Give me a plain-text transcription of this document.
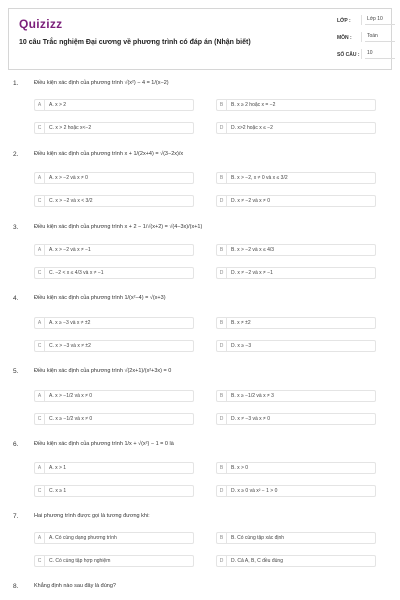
Quizizz
10 câu Trắc nghiệm Đại cương về phương trình có đáp án (Nhận biết)
LỚP :	Lớp 10
MÔN :	Toán
SỐ CÂU :	10
1.	Điều kiện xác định của phương trình √(x²) − 4 = 1/(x−2)
A	A. x > 2	B	B. x ≥ 2 hoặc x = −2
C	C. x > 2 hoặc x<−2	D	D. x>2 hoặc x ≤ −2
2.	Điều kiện xác định của phương trình x + 1/(2x+4) = √(3−2x)/x
A	A. x > −2 và x ≠ 0	B	B. x > −2, x ≠ 0 và x ≤ 3/2
C	C. x > −2 và x < 3/2	D	D. x ≠ −2 và x ≠ 0
3.	Điều kiện xác định của phương trình x + 2 − 1/√(x+2) = √(4−3x)/(x+1)
A	A. x > −2 và x ≠ −1	B	B. x > −2 và x ≤ 4/3
C	C. −2 < x ≤ 4/3 và x ≠ −1	D	D. x ≠ −2 và x ≠ −1
4.	Điều kiện xác định của phương trình 1/(x²−4) = √(x+3)
A	A. x ≥ −3 và x ≠ ±2	B	B. x ≠ ±2
C	C. x > −3 và x ≠ ±2	D	D. x ≥ −3
5.	Điều kiện xác định của phương trình √(2x+1)/(x²+3x) = 0
A	A. x > −1/2 và x ≠ 0	B	B. x ≥ −1/2 và x ≠ 3
C	C. x ≥ −1/2 và x ≠ 0	D	D. x ≠ −3 và x ≠ 0
6.	Điều kiện xác định của phương trình 1/x + √(x²) − 1 = 0 là
A	A. x > 1	B	B. x > 0
C	C. x ≥ 1	D	D. x ≥ 0 và x² − 1 > 0
7.	Hai phương trình được gọi là tương đương khi:
A	A. Có cùng dạng phương trình	B	B. Có cùng tập xác định
C	C. Có cùng tập hợp nghiệm	D	D. Cả A, B, C đều đúng
8.	Khẳng định nào sau đây là đúng?
